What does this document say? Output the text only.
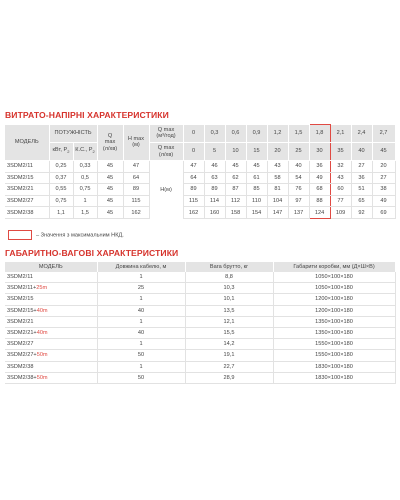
ВИТРАТО-НАПІРНІ ХАРАКТЕРИСТИКИ
МОДЕЛЬ	ПОТУЖНІСТЬ		Q
max
(л/хв)	H max
(м)	Q max
(м³/год)	0	0,3	0,6	0,9	1,2	1,5	1,8	2,1	2,4	2,7
	кВт, $P_2$	К.С., $P_2$			Q max
(л/хв)	0	5	10	15	20	25	30	35	40	45
3SDM2/11	0,25	0,33	45	47	H(м)	47	46	45	45	43	40	36	32	27	20
3SDM2/15	0,37	0,5	45	64		64	63	62	61	58	54	49	43	36	27
3SDM2/21	0,55	0,75	45	89		89	89	87	85	81	76	68	60	51	38
3SDM2/27	0,75	1	45	115		115	114	112	110	104	97	88	77	65	49
3SDM2/38	1,1	1,5	45	162		162	160	158	154	147	137	124	109	92	69
– Значення з максимальним НКД.
ГАБАРИТНО-ВАГОВІ ХАРАКТЕРИСТИКИ
МОДЕЛЬ	Довжина кабелю, м	Вага брутто, кг	Габарити коробки, мм (Д×Ш×В)
3SDM2/11	1	8,8	1050×100×180
3SDM2/11+25m	25	10,3	1050×100×180
3SDM2/15	1	10,1	1200×100×180
3SDM2/15+40m	40	13,5	1200×100×180
3SDM2/21	1	12,1	1350×100×180
3SDM2/21+40m	40	15,5	1350×100×180
3SDM2/27	1	14,2	1550×100×180
3SDM2/27+50m	50	19,1	1550×100×180
3SDM2/38	1	22,7	1830×100×180
3SDM2/38+50m	50	28,9	1830×100×180
